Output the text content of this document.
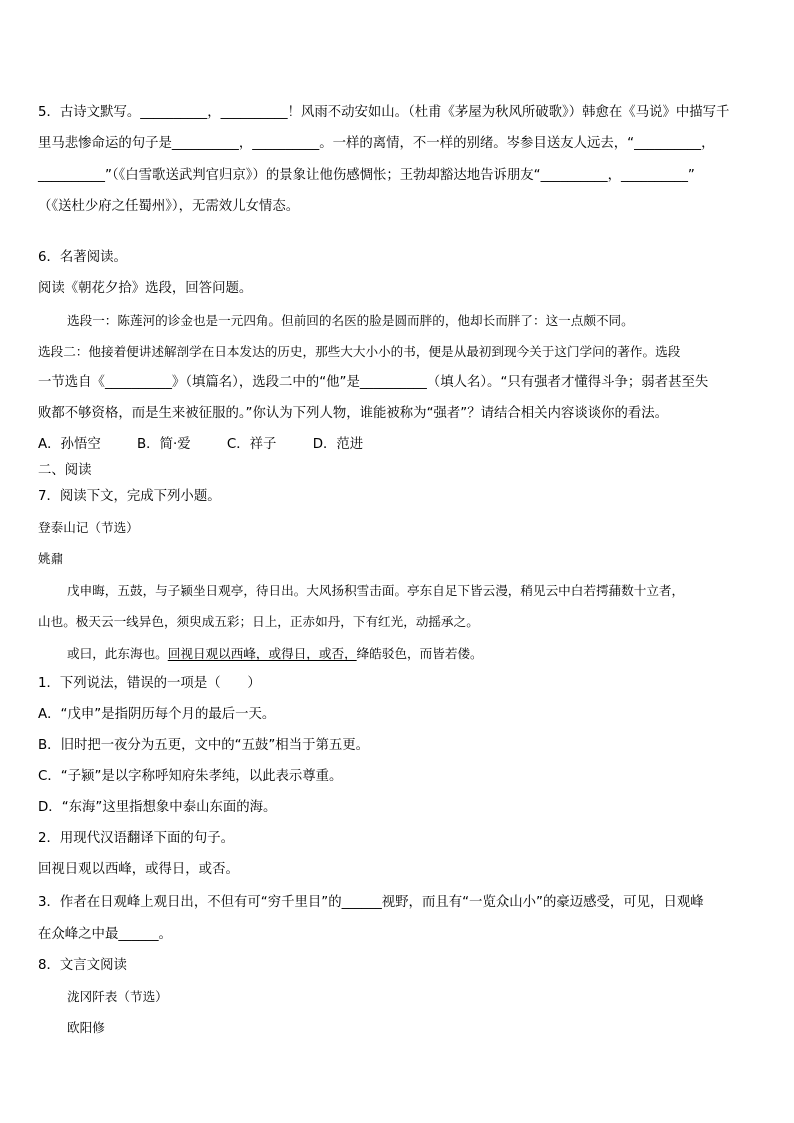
5．古诗文默写。__________，__________！风雨不动安如山。（杜甫《茅屋为秋风所破歌》）韩愈在《马说》中描写千
里马悲惨命运的句子是__________，__________。一样的离情，不一样的别绪。岑参目送友人远去，“__________，
__________”（《白雪歌送武判官归京》）的景象让他伤感惆怅；王勃却豁达地告诉朋友“__________，__________”
（《送杜少府之任蜀州》），无需效儿女情态。
6．名著阅读。
阅读《朝花夕拾》选段，回答问题。
选段一：陈莲河的诊金也是一元四角。但前回的名医的脸是圆而胖的，他却长而胖了：这一点颇不同。
选段二：他接着便讲述解剖学在日本发达的历史，那些大大小小的书，便是从最初到现今关于这门学问的著作。选段
一节选自《__________》（填篇名），选段二中的“他”是__________（填人名）。“只有强者才懂得斗争；弱者甚至失
败都不够资格，而是生来被征服的。”你认为下列人物，谁能被称为“强者”？请结合相关内容谈谈你的看法。
A．孙悟空	B．简·爱	C．祥子	D．范进
二、阅读
7．阅读下文，完成下列小题。
登泰山记（节选）
姚鼐
戊申晦，五鼓，与子颍坐日观亭，待日出。大风扬积雪击面。亭东自足下皆云漫，稍见云中白若摴蒱数十立者，
山也。极天云一线异色，须臾成五彩；日上，正赤如丹，下有红光，动摇承之。
或曰，此东海也。回视日观以西峰，或得日，或否，绛皓驳色，而皆若偻。
1．下列说法，错误的一项是（　　）
A．“戊申”是指阴历每个月的最后一天。
B．旧时把一夜分为五更，文中的“五鼓”相当于第五更。
C．“子颍”是以字称呼知府朱孝纯，以此表示尊重。
D．“东海”这里指想象中泰山东面的海。
2．用现代汉语翻译下面的句子。
回视日观以西峰，或得日，或否。
3．作者在日观峰上观日出，不但有可“穷千里目”的______视野，而且有“一览众山小”的豪迈感受，可见，日观峰
在众峰之中最______。
8．文言文阅读
泷冈阡表（节选）
欧阳修
